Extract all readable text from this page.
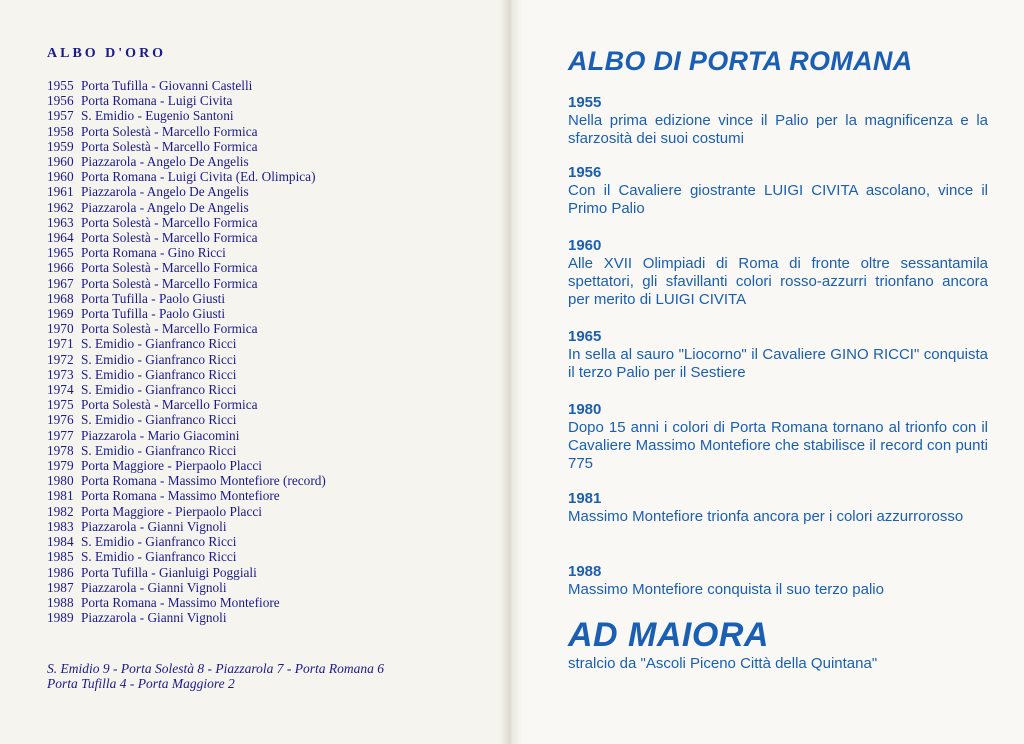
ALBO D'ORO
1955 Porta Tufilla - Giovanni Castelli
1956 Porta Romana - Luigi Civita
1957 S. Emidio - Eugenio Santoni
1958 Porta Solestà - Marcello Formica
1959 Porta Solestà - Marcello Formica
1960 Piazzarola - Angelo De Angelis
1960 Porta Romana - Luigi Civita (Ed. Olimpica)
1961 Piazzarola - Angelo De Angelis
1962 Piazzarola - Angelo De Angelis
1963 Porta Solestà - Marcello Formica
1964 Porta Solestà - Marcello Formica
1965 Porta Romana - Gino Ricci
1966 Porta Solestà - Marcello Formica
1967 Porta Solestà - Marcello Formica
1968 Porta Tufilla - Paolo Giusti
1969 Porta Tufilla - Paolo Giusti
1970 Porta Solestà - Marcello Formica
1971 S. Emidio - Gianfranco Ricci
1972 S. Emidio - Gianfranco Ricci
1973 S. Emidio - Gianfranco Ricci
1974 S. Emidio - Gianfranco Ricci
1975 Porta Solestà - Marcello Formica
1976 S. Emidio - Gianfranco Ricci
1977 Piazzarola - Mario Giacomini
1978 S. Emidio - Gianfranco Ricci
1979 Porta Maggiore - Pierpaolo Placci
1980 Porta Romana - Massimo Montefiore (record)
1981 Porta Romana - Massimo Montefiore
1982 Porta Maggiore - Pierpaolo Placci
1983 Piazzarola - Gianni Vignoli
1984 S. Emidio - Gianfranco Ricci
1985 S. Emidio - Gianfranco Ricci
1986 Porta Tufilla - Gianluigi Poggiali
1987 Piazzarola - Gianni Vignoli
1988 Porta Romana - Massimo Montefiore
1989 Piazzarola - Gianni Vignoli
S. Emidio 9 - Porta Solestà 8 - Piazzarola 7 - Porta Romana 6
Porta Tufilla 4 - Porta Maggiore 2
ALBO DI PORTA ROMANA
1955
Nella prima edizione vince il Palio per la magnificenza e la sfarzosità dei suoi costumi
1956
Con il Cavaliere giostrante LUIGI CIVITA ascolano, vince il Primo Palio
1960
Alle XVII Olimpiadi di Roma di fronte oltre sessantamila spettatori, gli sfavillanti colori rosso-azzurri trionfano ancora per merito di LUIGI CIVITA
1965
In sella al sauro "Liocorno" il Cavaliere GINO RICCI" conquista il terzo Palio per il Sestiere
1980
Dopo 15 anni i colori di Porta Romana tornano al trionfo con il Cavaliere Massimo Montefiore che stabilisce il record con punti 775
1981
Massimo Montefiore trionfa ancora per i colori azzurrorosso
1988
Massimo Montefiore conquista il suo terzo palio
AD MAIORA
stralcio da "Ascoli Piceno Città della Quintana"
